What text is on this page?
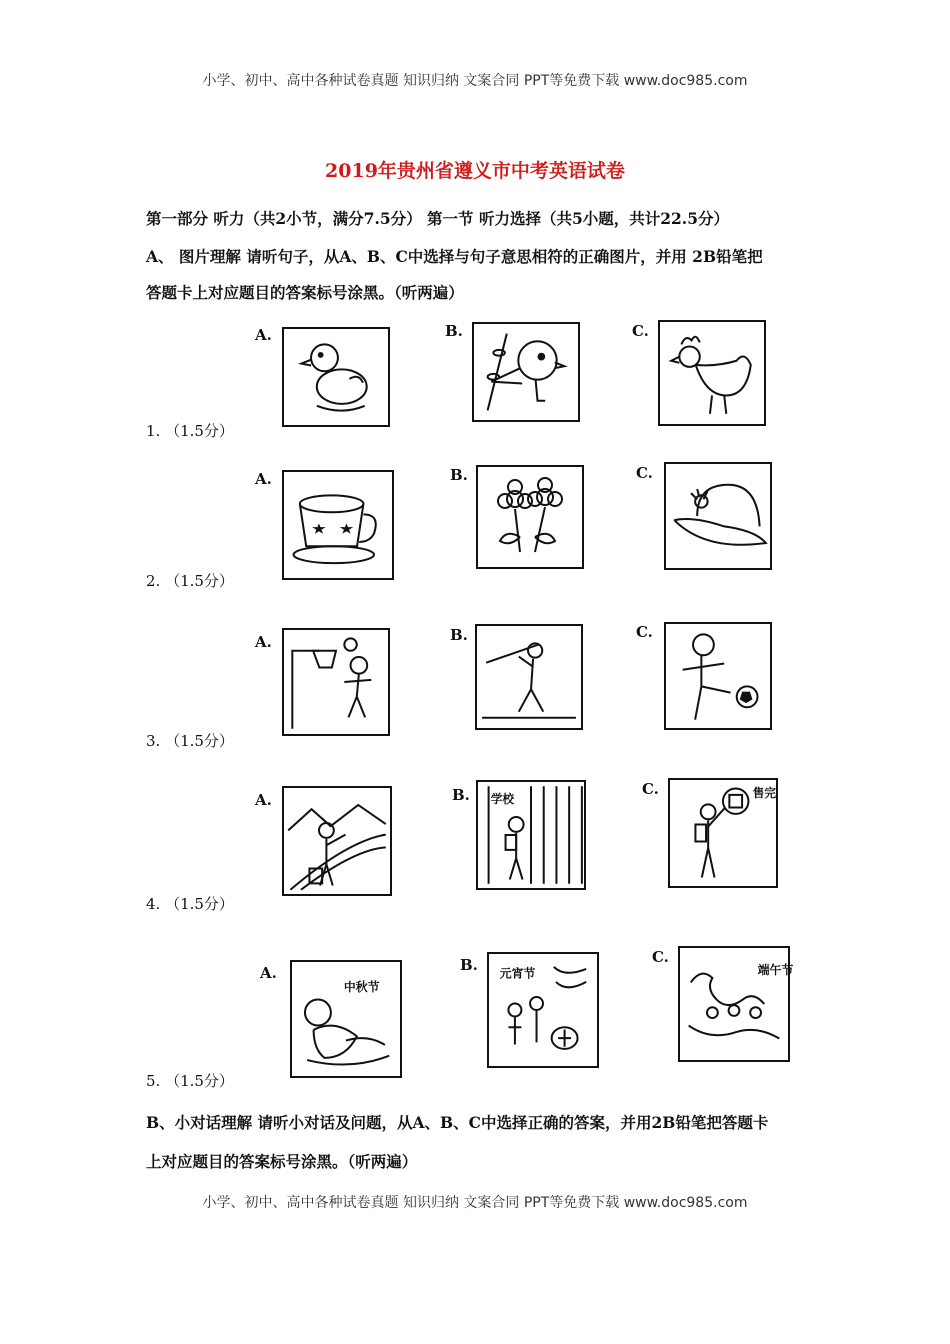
小学、初中、高中各种试卷真题 知识归纳 文案合同 PPT等免费下载 www.doc985.com
2019年贵州省遵义市中考英语试卷
第一部分 听力（共2小节，满分7.5分） 第一节 听力选择（共5小题，共计22.5分）
A、 图片理解 请听句子，从A、B、C中选择与句子意思相符的正确图片，并用 2B铅笔把
答题卡上对应题目的答案标号涂黑。（听两遍）
1. （1.5分）
A.	B.	C.
2. （1.5分）
A.	B.	C.
3. （1.5分）
A.	B.	C.
4. （1.5分）
A.	B.	C.
学校	售完
5. （1.5分）
A.	B.	C.
中秋节
元宵节	端午节
B、小对话理解 请听小对话及问题，从A、B、C中选择正确的答案，并用2B铅笔把答题卡
上对应题目的答案标号涂黑。（听两遍）
小学、初中、高中各种试卷真题 知识归纳 文案合同 PPT等免费下载 www.doc985.com
